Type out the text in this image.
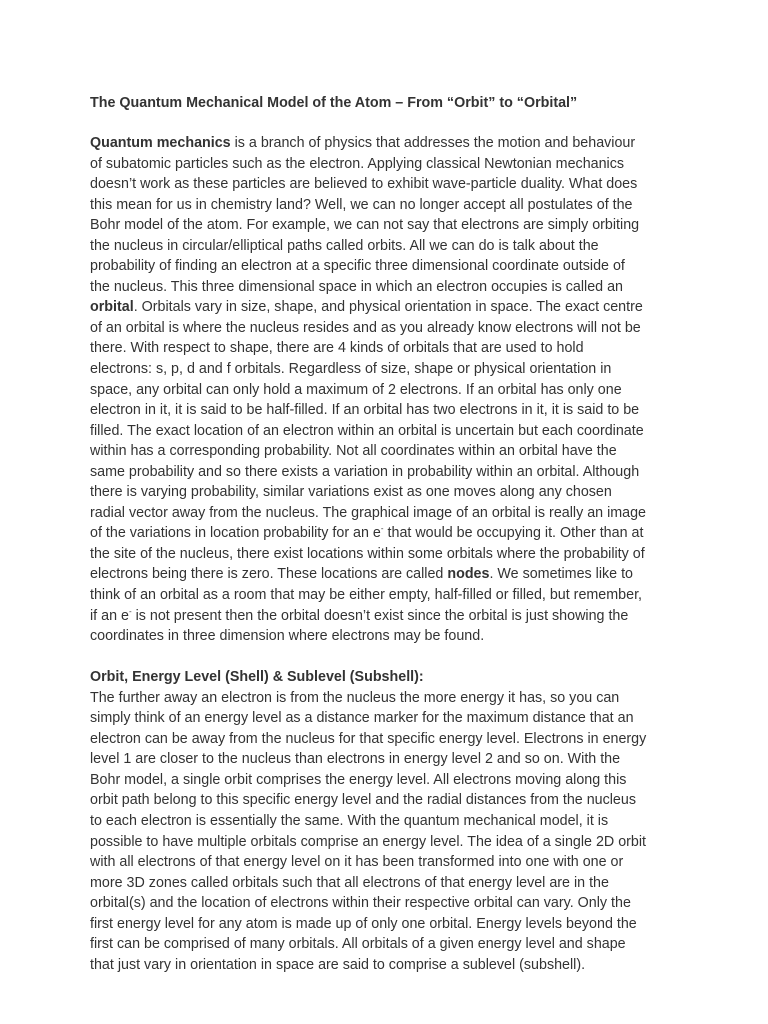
The Quantum Mechanical Model of the Atom – From “Orbit” to “Orbital”
Quantum mechanics is a branch of physics that addresses the motion and behaviour
of subatomic particles such as the electron. Applying classical Newtonian mechanics
doesn’t work as these particles are believed to exhibit wave-particle duality. What does
this mean for us in chemistry land? Well, we can no longer accept all postulates of the
Bohr model of the atom. For example, we can not say that electrons are simply orbiting
the nucleus in circular/elliptical paths called orbits. All we can do is talk about the
probability of finding an electron at a specific three dimensional coordinate outside of
the nucleus. This three dimensional space in which an electron occupies is called an
orbital. Orbitals vary in size, shape, and physical orientation in space. The exact centre
of an orbital is where the nucleus resides and as you already know electrons will not be
there. With respect to shape, there are 4 kinds of orbitals that are used to hold
electrons: s, p, d and f orbitals. Regardless of size, shape or physical orientation in
space, any orbital can only hold a maximum of 2 electrons. If an orbital has only one
electron in it, it is said to be half-filled. If an orbital has two electrons in it, it is said to be
filled. The exact location of an electron within an orbital is uncertain but each coordinate
within has a corresponding probability. Not all coordinates within an orbital have the
same probability and so there exists a variation in probability within an orbital. Although
there is varying probability, similar variations exist as one moves along any chosen
radial vector away from the nucleus. The graphical image of an orbital is really an image
of the variations in location probability for an e- that would be occupying it. Other than at
the site of the nucleus, there exist locations within some orbitals where the probability of
electrons being there is zero. These locations are called nodes. We sometimes like to
think of an orbital as a room that may be either empty, half-filled or filled, but remember,
if an e- is not present then the orbital doesn’t exist since the orbital is just showing the
coordinates in three dimension where electrons may be found.
Orbit, Energy Level (Shell) & Sublevel (Subshell):
The further away an electron is from the nucleus the more energy it has, so you can
simply think of an energy level as a distance marker for the maximum distance that an
electron can be away from the nucleus for that specific energy level. Electrons in energy
level 1 are closer to the nucleus than electrons in energy level 2 and so on. With the
Bohr model, a single orbit comprises the energy level. All electrons moving along this
orbit path belong to this specific energy level and the radial distances from the nucleus
to each electron is essentially the same. With the quantum mechanical model, it is
possible to have multiple orbitals comprise an energy level. The idea of a single 2D orbit
with all electrons of that energy level on it has been transformed into one with one or
more 3D zones called orbitals such that all electrons of that energy level are in the
orbital(s) and the location of electrons within their respective orbital can vary. Only the
first energy level for any atom is made up of only one orbital. Energy levels beyond the
first can be comprised of many orbitals. All orbitals of a given energy level and shape
that just vary in orientation in space are said to comprise a sublevel (subshell).
